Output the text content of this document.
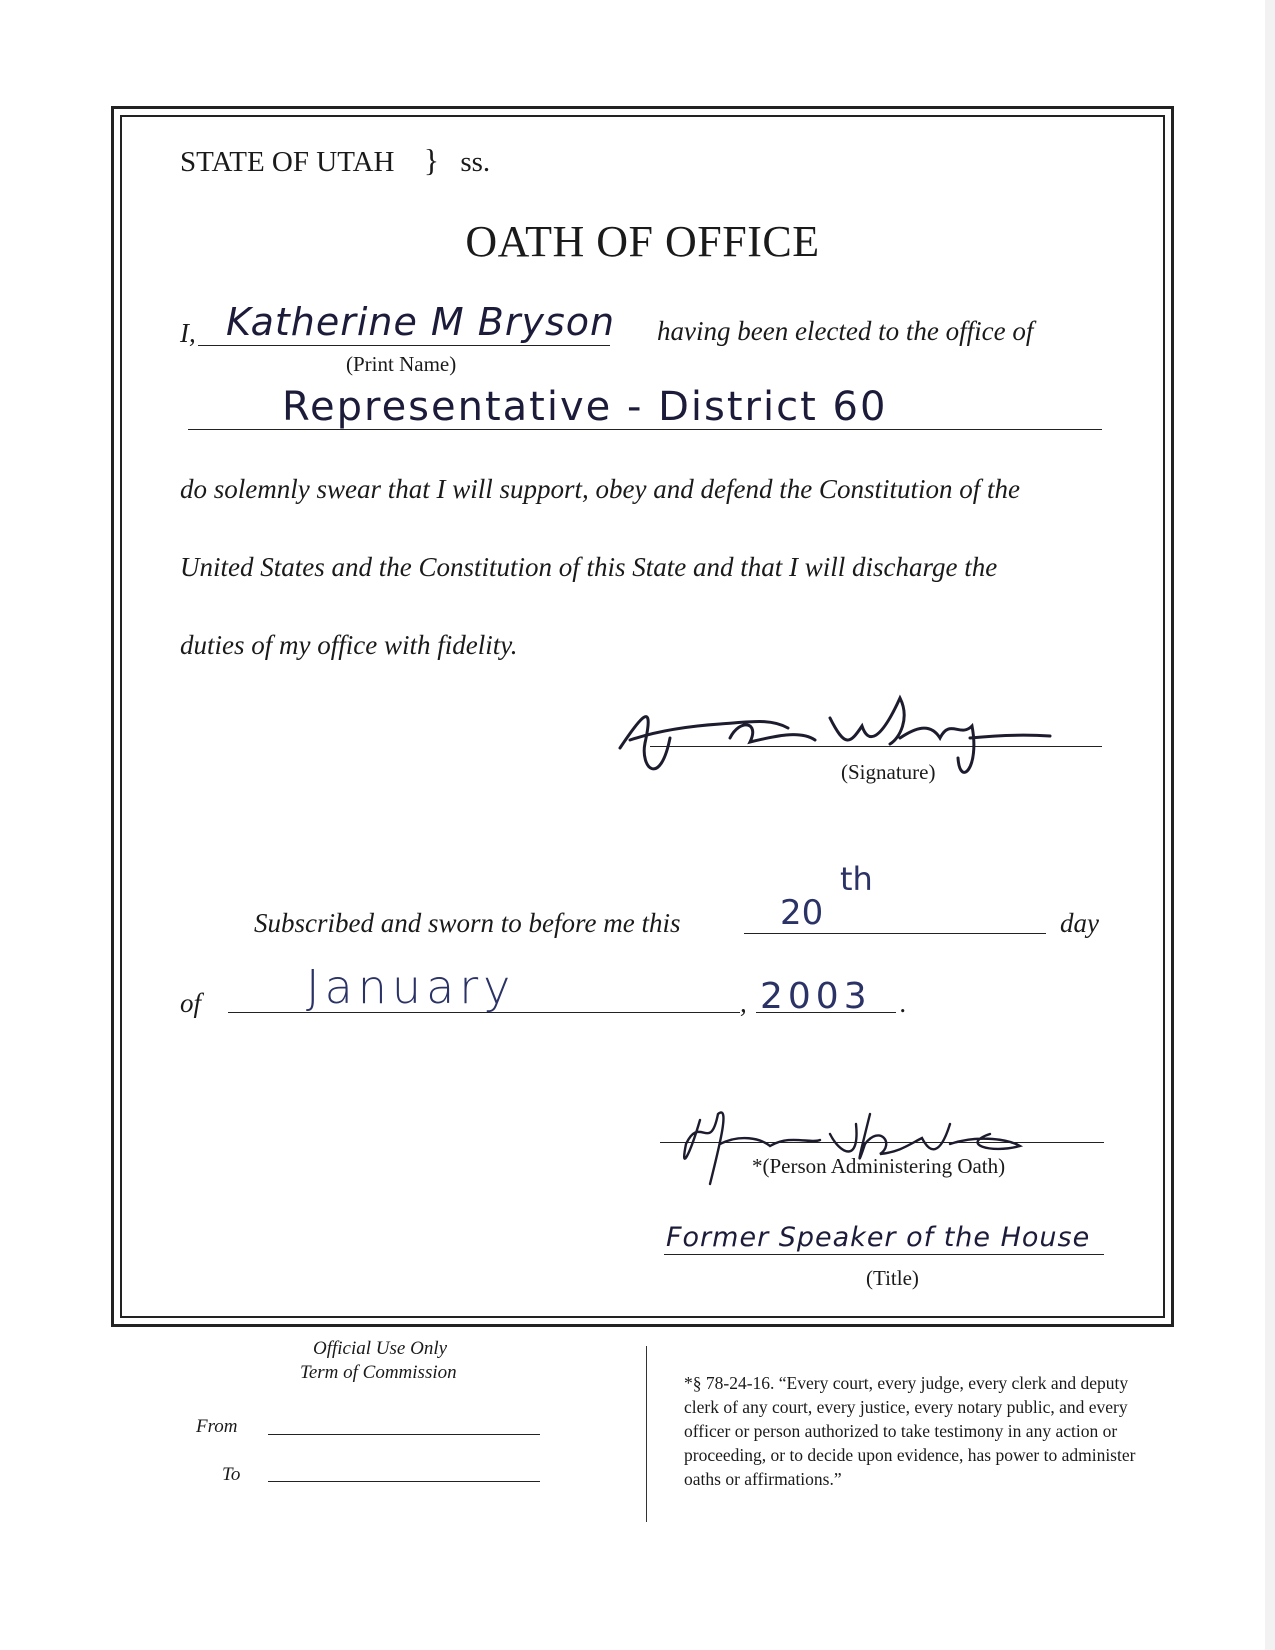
STATE OF UTAH } ss.
OATH OF OFFICE
I, Katherine M Bryson
(Print Name)
having been elected to the office of
Representative - District 60
do solemnly swear that I will support, obey and defend the Constitution of the
United States and the Constitution of this State and that I will discharge the
duties of my office with fidelity.
(Signature)
Subscribed and sworn to before me this	20
th
day
of January	, 2003 .
*(Person Administering Oath)
Former Speaker of the House
(Title)
Official Use Only
Term of Commission
From
To
*§ 78-24-16. “Every court, every judge, every clerk and deputy clerk of any court, every justice, every notary public, and every officer or person authorized to take testimony in any action or proceeding, or to decide upon evidence, has power to administer oaths or affirmations.”
